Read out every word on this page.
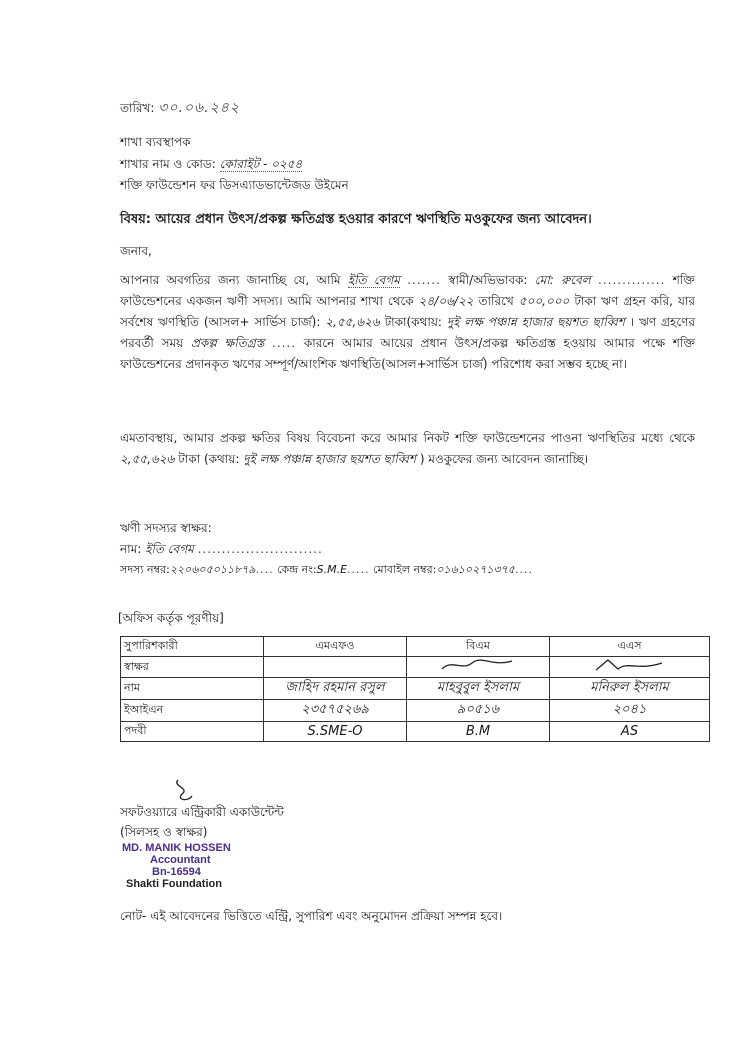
তারিখ: ৩০.০৬.২৪২
শাখা ব্যবস্থাপক
শাখার নাম ও কোড: কোরাইট - ০২৫৪
শক্তি ফাউন্ডেশন ফর ডিসএ্যাডভান্টেজড উইমেন
বিষয়: আয়ের প্রধান উৎস/প্রকল্প ক্ষতিগ্রস্ত হওয়ার কারণে ঋণস্থিতি মওকুফের জন্য আবেদন।
জনাব,
আপনার অবগতির জন্য জানাচ্ছি যে, আমি ইতি বেগম ....... স্বামী/অভিভাবক: মো: রুবেল .............. শক্তি ফাউন্ডেশনের একজন ঋণী সদস্য। আমি আপনার শাখা থেকে ২৪/০৬/২২ তারিখে ৫০০,০০০ টাকা ঋণ গ্রহন করি, যার সর্বশেষ ঋণস্থিতি (আসল+ সার্ভিস চার্জ): ২,৫৫,৬২৬ টাকা(কথায়: দুই লক্ষ পঞ্চান্ন হাজার ছয়শত ছাব্বিশ । ঋণ গ্রহণের পরবর্তী সময় প্রকল্প ক্ষতিগ্রস্ত ..... কারনে আমার আয়ের প্রধান উৎস/প্রকল্প ক্ষতিগ্রস্ত হওয়ায় আমার পক্ষে শক্তি ফাউন্ডেশনের প্রদানকৃত ঋণের সম্পূর্ণ/আংশিক ঋণস্থিতি(আসল+সার্ভিস চার্জ) পরিশোধ করা সম্ভব হচ্ছে না।
এমতাবস্থায়, আমার প্রকল্প ক্ষতির বিষয় বিবেচনা করে আমার নিকট শক্তি ফাউন্ডেশনের পাওনা ঋণস্থিতির মধ্যে থেকে ২,৫৫,৬২৬ টাকা (কথায়: দুই লক্ষ পঞ্চান্ন হাজার ছয়শত ছাব্বিশ ) মওকুফের জন্য আবেদন জানাচ্ছি।
ঋণী সদস্যর স্বাক্ষর:
নাম: ইতি বেগম ..........................
সদস্য নম্বর:২২০৬০৫০১১৮৭৯.... কেন্দ্র নং:S.M.E..... মোবাইল নম্বর:০১৬১০২৭১৩৭৫....
[অফিস কর্তৃক পূরণীয়]
সুপারিশকারী	এমএফও	বিএম	এএস
স্বাক্ষর			
নাম	জাহিদ রহমান রসুল	মাহবুবুল ইসলাম	মনিরুল ইসলাম
ইআইএন	২৩৫৭৫২৬৯	৯০৫১৬	২০৪১
পদবী	S.SME-O	B.M	AS
সফটওয়্যারে এন্ট্রিকারী একাউন্টেন্ট
(সিলসহ ও স্বাক্ষর)
MD. MANIK HOSSEN
Accountant
Bn-16594
Shakti Foundation
নোট- এই আবেদনের ভিত্তিতে এন্ট্রি, সুপারিশ এবং অনুমোদন প্রক্রিয়া সম্পন্ন হবে।
